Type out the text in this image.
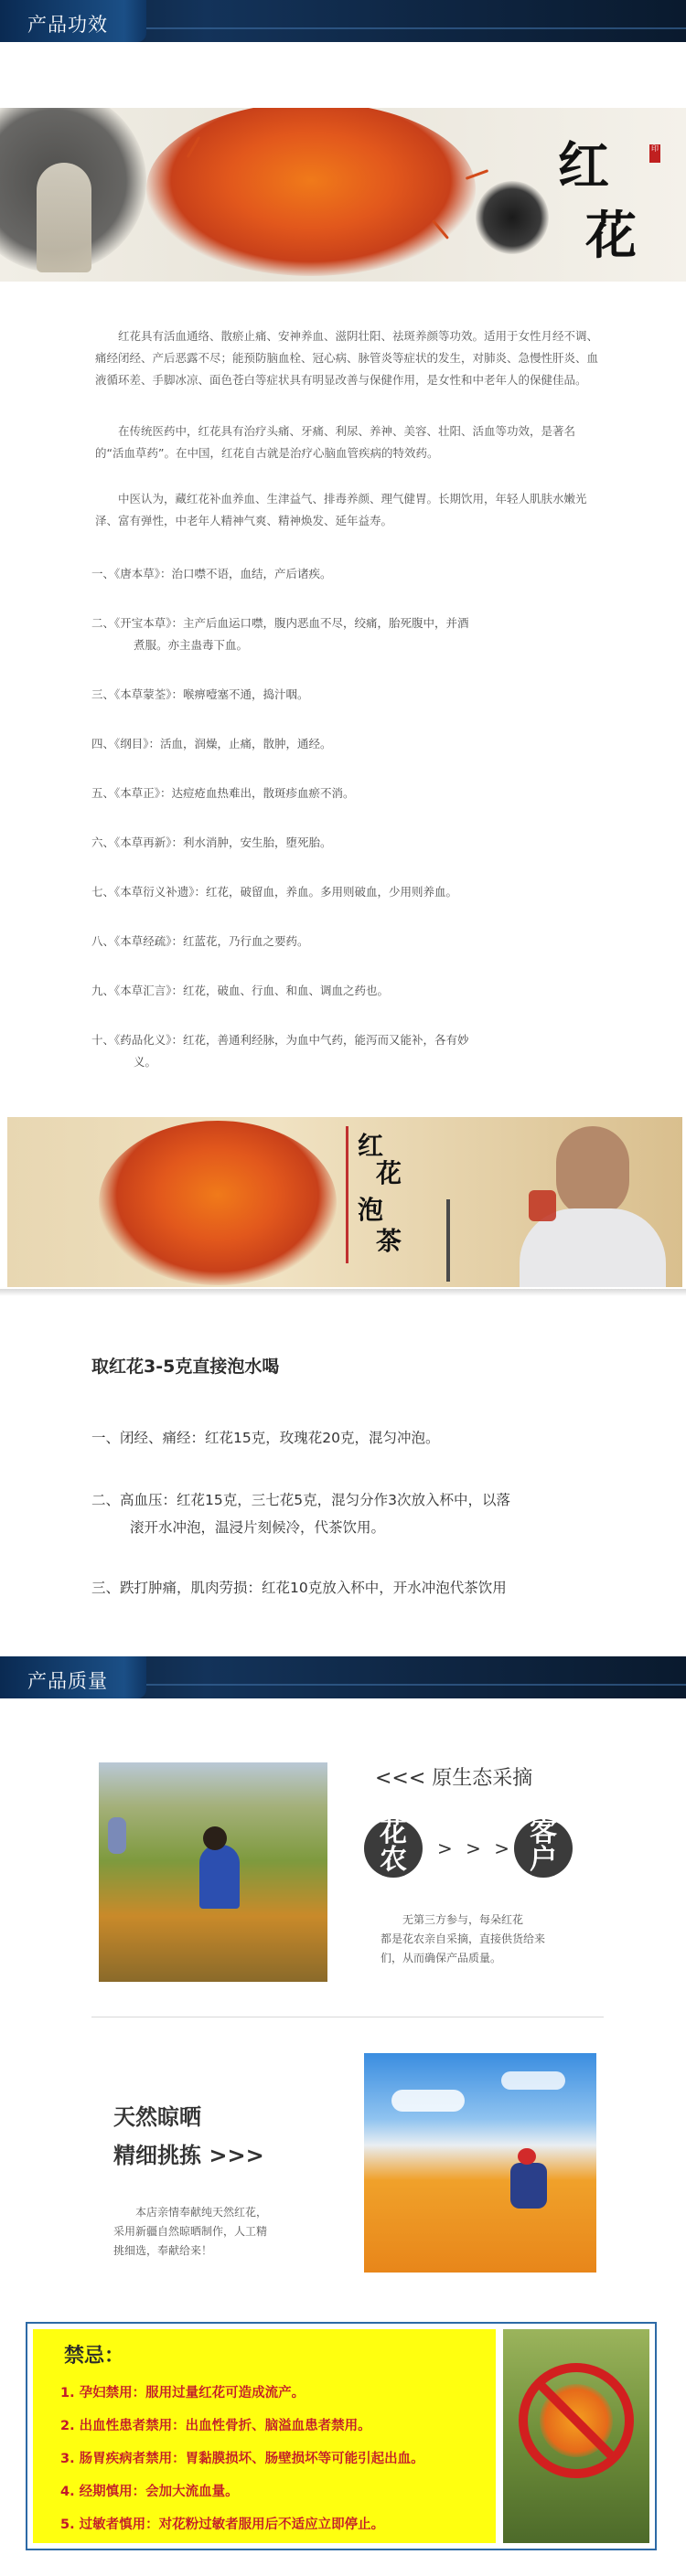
产品功效
红
花
印

红花具有活血通络、散瘀止痛、安神养血、滋阴壮阳、祛斑养颜等功效。适用于女性月经不调、痛经闭经、产后恶露不尽；能预防脑血栓、冠心病、脉管炎等症状的发生，对肺炎、急慢性肝炎、血液循环差、手脚冰凉、面色苍白等症状具有明显改善与保健作用，是女性和中老年人的保健佳品。

在传统医药中，红花具有治疗头痛、牙痛、利尿、养神、美容、壮阳、活血等功效，是著名的“活血草药”。在中国，红花自古就是治疗心脑血管疾病的特效药。

中医认为，藏红花补血养血、生津益气、排毒养颜、理气健胃。长期饮用，年轻人肌肤水嫩光泽、富有弹性，中老年人精神气爽、精神焕发、延年益寿。

一、《唐本草》：治口噤不语，血结，产后诸疾。
二、《开宝本草》：主产后血运口噤，腹内恶血不尽，绞痛，胎死腹中，并酒
煮服。亦主蛊毒下血。
三、《本草蒙荃》：喉痹噎塞不通，捣汁咽。
四、《纲目》：活血，润燥，止痛，散肿，通经。
五、《本草正》：达痘疮血热难出，散斑疹血瘀不消。
六、《本草再新》：利水消肿，安生胎，堕死胎。
七、《本草衍义补遗》：红花，破留血，养血。多用则破血，少用则养血。
八、《本草经疏》：红蓝花，乃行血之要药。
九、《本草汇言》：红花，破血、行血、和血、调血之药也。
十、《药品化义》：红花，善通利经脉，为血中气药，能泻而又能补，各有妙
义。
红
花
泡
茶
取红花3-5克直接泡水喝
一、闭经、痛经：红花15克，玫瑰花20克，混匀冲泡。
二、高血压：红花15克，三七花5克，混匀分作3次放入杯中，以落
滚开水冲泡，温浸片刻候冷，代茶饮用。
三、跌打肿痛，肌肉劳损：红花10克放入杯中，开水冲泡代茶饮用
产品质量
<<< 原生态采摘
花
农	> > > 客
户
无第三方参与，每朵红花
都是花农亲自采摘，直接供货给来
们，从而确保产品质量。
天然晾晒
精细挑拣 >>>
本店亲情奉献纯天然红花，
采用新疆自然晾晒制作，人工精
挑细选，奉献给来！
禁忌：
1. 孕妇禁用：服用过量红花可造成流产。
2. 出血性患者禁用：出血性骨折、脑溢血患者禁用。
3. 肠胃疾病者禁用：胃黏膜损坏、肠壁损坏等可能引起出血。
4. 经期慎用：会加大流血量。
5. 过敏者慎用：对花粉过敏者服用后不适应立即停止。
